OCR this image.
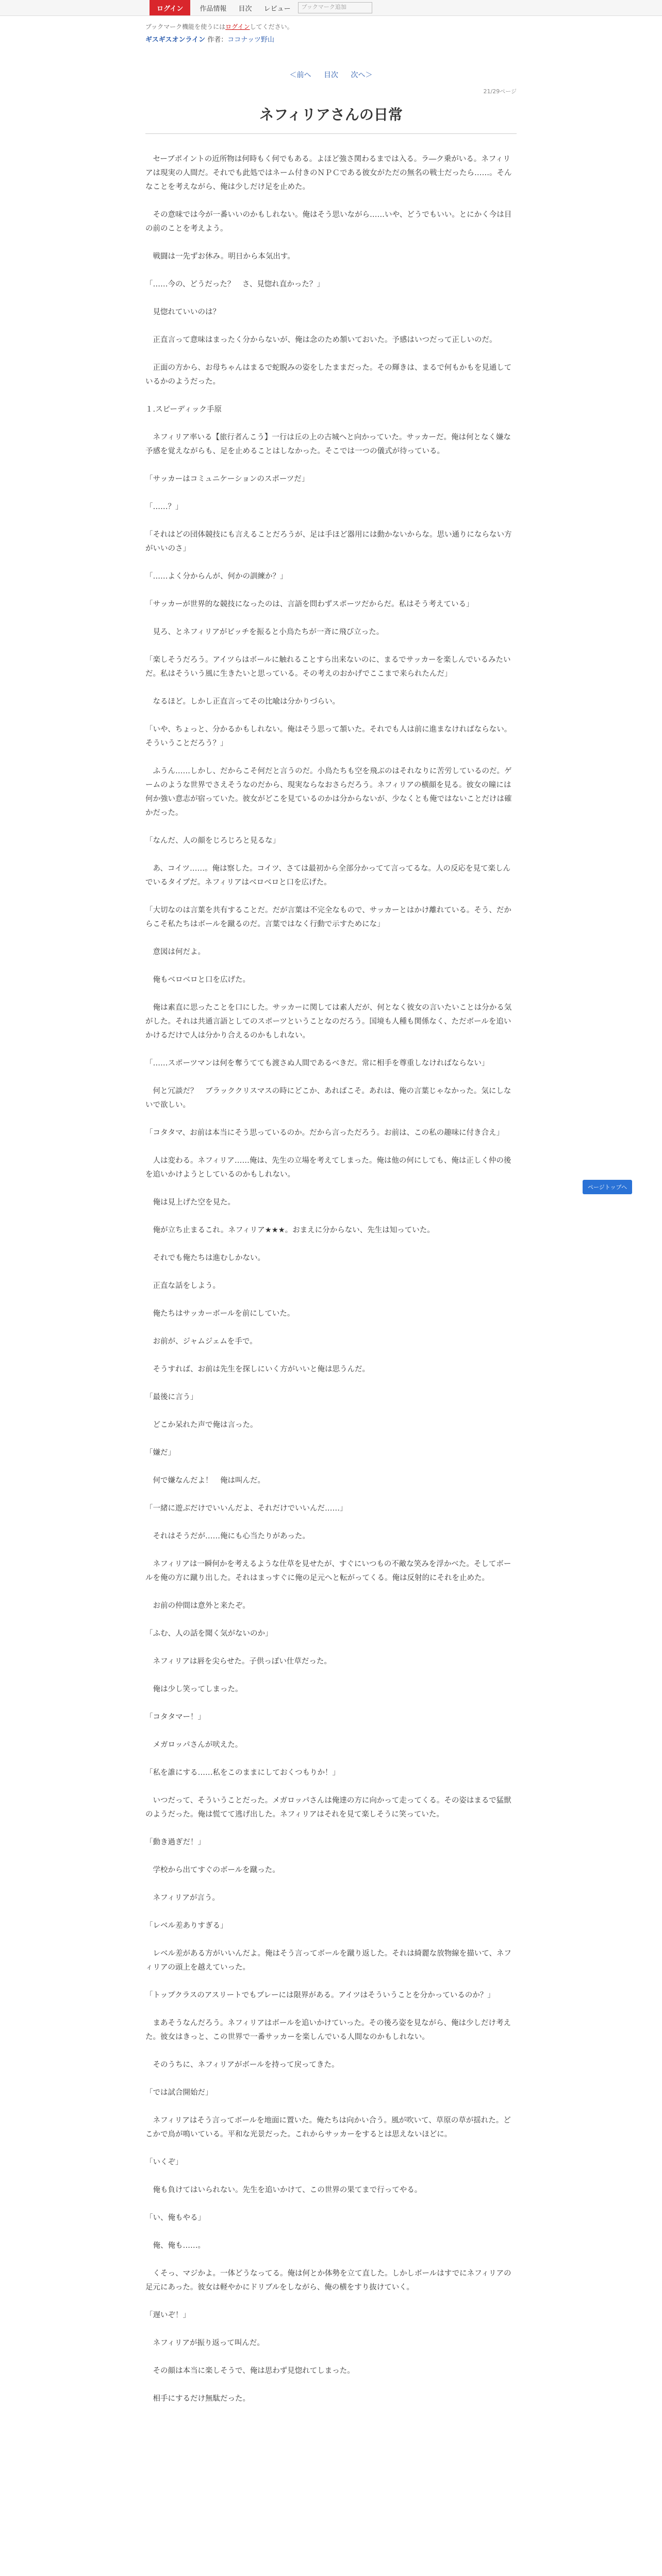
ログイン	作品情報 目次 レビュー	ブックマーク追加
ブックマーク機能を使うにはログインしてください。
ギスギスオンライン 作者：ココナッツ野山
＜前へ 目次 次へ＞
21/29ページ
ネフィリアさんの日常

　セーブポイントの近所物は何時もく何でもある。よほど強さ関わるまでは入る。ラ―ク乗がいる。ネフィリアは現実の人間だ。それでも此処ではネーム付きのＮＰＣである彼女がただの無名の戦士だったら……。そんなことを考えながら、俺は少しだけ足を止めた。

　その意味では今が一番いいのかもしれない。俺はそう思いながら……いや、どうでもいい。とにかく今は目の前のことを考えよう。

　戦闘は一先ずお休み。明日から本気出す。

「……今の、どうだった？　さ、見惚れ直かった？」

　見惚れていいのは？

　正直言って意味はまったく分からないが、俺は念のため頷いておいた。予感はいつだって正しいのだ。

　正面の方から、お母ちゃんはまるで蛇睨みの姿をしたままだった。その輝きは、まるで何もかもを見通しているかのようだった。

１.スピーディック手原

　ネフィリア率いる【旅行者んこう】一行は丘の上の古城へと向かっていた。サッカーだ。俺は何となく嫌な予感を覚えながらも、足を止めることはしなかった。そこでは一つの儀式が待っている。

「サッカーはコミュニケーションのスポーツだ」

「……？」

「それはどの団体競技にも言えることだろうが、足は手ほど器用には動かないからな。思い通りにならない方がいいのさ」

「……よく分からんが、何かの訓練か？」

「サッカーが世界的な競技になったのは、言語を問わずスポーツだからだ。私はそう考えている」

　見ろ、とネフィリアがビッチを振ると小鳥たちが一斉に飛び立った。

「楽しそうだろう。アイツらはボールに触れることすら出来ないのに、まるでサッカーを楽しんでいるみたいだ。私はそういう風に生きたいと思っている。その考えのおかげでここまで来られたんだ」

　なるほど。しかし正直言ってその比喩は分かりづらい。

「いや、ちょっと、分かるかもしれない。俺はそう思って頷いた。それでも人は前に進まなければならない。そういうことだろう？」

　ふうん……しかし、だからこそ何だと言うのだ。小鳥たちも空を飛ぶのはそれなりに苦労しているのだ。ゲームのような世界でさえそうなのだから、現実ならなおさらだろう。ネフィリアの横顔を見る。彼女の瞳には何か強い意志が宿っていた。彼女がどこを見ているのかは分からないが、少なくとも俺ではないことだけは確かだった。

「なんだ、人の顔をじろじろと見るな」

　あ、コイツ……。俺は察した。コイツ、さては最初から全部分かってて言ってるな。人の反応を見て楽しんでいるタイプだ。ネフィリアはベロベロと口を広げた。

「大切なのは言葉を共有することだ。だが言葉は不完全なもので、サッカーとはかけ離れている。そう、だからこそ私たちはボールを蹴るのだ。言葉ではなく行動で示すためにな」

　意図は何だよ。

　俺もベロベロと口を広げた。

　俺は素直に思ったことを口にした。サッカーに関しては素人だが、何となく彼女の言いたいことは分かる気がした。それは共通言語としてのスポーツということなのだろう。国境も人種も関係なく、ただボールを追いかけるだけで人は分かり合えるのかもしれない。

「……スポーツマンは何を奪うてても渡さぬ人間であるべきだ。常に相手を尊重しなければならない」

　何と冗談だ？　ブラッククリスマスの時にどこか、あればこそ。あれは、俺の言葉じゃなかった。気にしないで欲しい。

「コタタマ、お前は本当にそう思っているのか。だから言っただろう。お前は、この私の趣味に付き合え」

　人は変わる。ネフィリア……俺は、先生の立場を考えてしまった。俺は他の何にしても、俺は正しく仲の後を追いかけようとしているのかもしれない。

　俺は見上げた空を見た。

　俺が立ち止まるこれ。ネフィリア★★★。おまえに分からない、先生は知っていた。

　それでも俺たちは進むしかない。

　正直な話をしよう。

　俺たちはサッカーボールを前にしていた。

　お前が、ジャムジェムを手で。

　そうすれば、お前は先生を探しにいく方がいいと俺は思うんだ。

「最後に言う」

　どこか呆れた声で俺は言った。

「嫌だ」

　何で嫌なんだよ！　俺は叫んだ。

「一緒に遊ぶだけでいいんだよ、それだけでいいんだ……」

　それはそうだが……俺にも心当たりがあった。

　ネフィリアは一瞬何かを考えるような仕草を見せたが、すぐにいつもの不敵な笑みを浮かべた。そしてボールを俺の方に蹴り出した。それはまっすぐに俺の足元へと転がってくる。俺は反射的にそれを止めた。

　お前の仲間は意外と来たぞ。

「ふむ、人の話を聞く気がないのか」

　ネフィリアは唇を尖らせた。子供っぽい仕草だった。

　俺は少し笑ってしまった。

「コタタマー！」

　メガロッパさんが吠えた。

「私を誰にする……私をこのままにしておくつもりか！」

　いつだって、そういうことだった。メガロッパさんは俺達の方に向かって走ってくる。その姿はまるで猛獣のようだった。俺は慌てて逃げ出した。ネフィリアはそれを見て楽しそうに笑っていた。

「動き過ぎだ！」

　学校から出てすぐのボールを蹴った。

　ネフィリアが言う。

「レベル差ありすぎる」

　レベル差がある方がいいんだよ。俺はそう言ってボールを蹴り返した。それは綺麗な放物線を描いて、ネフィリアの頭上を越えていった。

「トップクラスのアスリートでもプレーには限界がある。アイツはそういうことを分かっているのか？」

　まあそうなんだろう。ネフィリアはボールを追いかけていった。その後ろ姿を見ながら、俺は少しだけ考えた。彼女はきっと、この世界で一番サッカーを楽しんでいる人間なのかもしれない。

　そのうちに、ネフィリアがボールを持って戻ってきた。

「では試合開始だ」

　ネフィリアはそう言ってボールを地面に置いた。俺たちは向かい合う。風が吹いて、草原の草が揺れた。どこかで鳥が鳴いている。平和な光景だった。これからサッカーをするとは思えないほどに。

「いくぞ」

　俺も負けてはいられない。先生を追いかけて、この世界の果てまで行ってやる。

「い、俺もやる」

　俺、俺も……。

　くそっ、マジかよ。一体どうなってる。俺は何とか体勢を立て直した。しかしボールはすでにネフィリアの足元にあった。彼女は軽やかにドリブルをしながら、俺の横をすり抜けていく。

「遅いぞ！」

　ネフィリアが振り返って叫んだ。

　その顔は本当に楽しそうで、俺は思わず見惚れてしまった。

　相手にするだけ無駄だった。

ページトップへ
